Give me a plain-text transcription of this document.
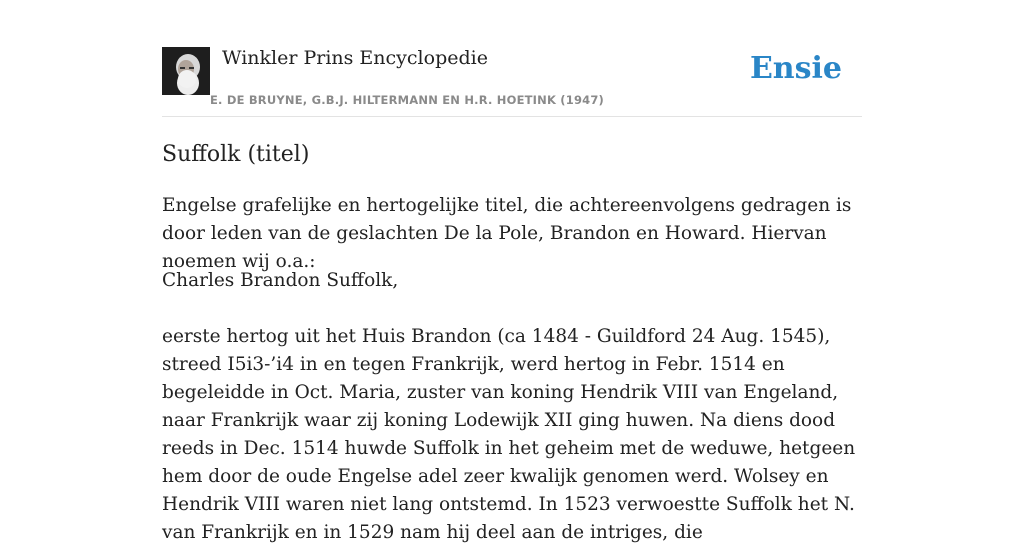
Winkler Prins Encyclopedie
E. DE BRUYNE, G.B.J. HILTERMANN EN H.R. HOETINK (1947)
Ensie
Suffolk (titel)

Engelse grafelijke en hertogelijke titel, die achtereenvolgens gedragen is door leden van de geslachten De la Pole, Brandon en Howard. Hiervan noemen wij o.a.:

Charles Brandon Suffolk,

eerste hertog uit het Huis Brandon (ca 1484 - Guildford 24 Aug. 1545), streed I5i3-’i4 in en tegen Frankrijk, werd hertog in Febr. 1514 en begeleidde in Oct. Maria, zuster van koning Hendrik VIII van Engeland, naar Frankrijk waar zij koning Lodewijk XII ging huwen. Na diens dood reeds in Dec. 1514 huwde Suffolk in het geheim met de weduwe, hetgeen hem door de oude Engelse adel zeer kwalijk genomen werd. Wolsey en Hendrik VIII waren niet lang ontstemd. In 1523 verwoestte Suffolk het N. van Frankrijk en in 1529 nam hij deel aan de intriges, die
